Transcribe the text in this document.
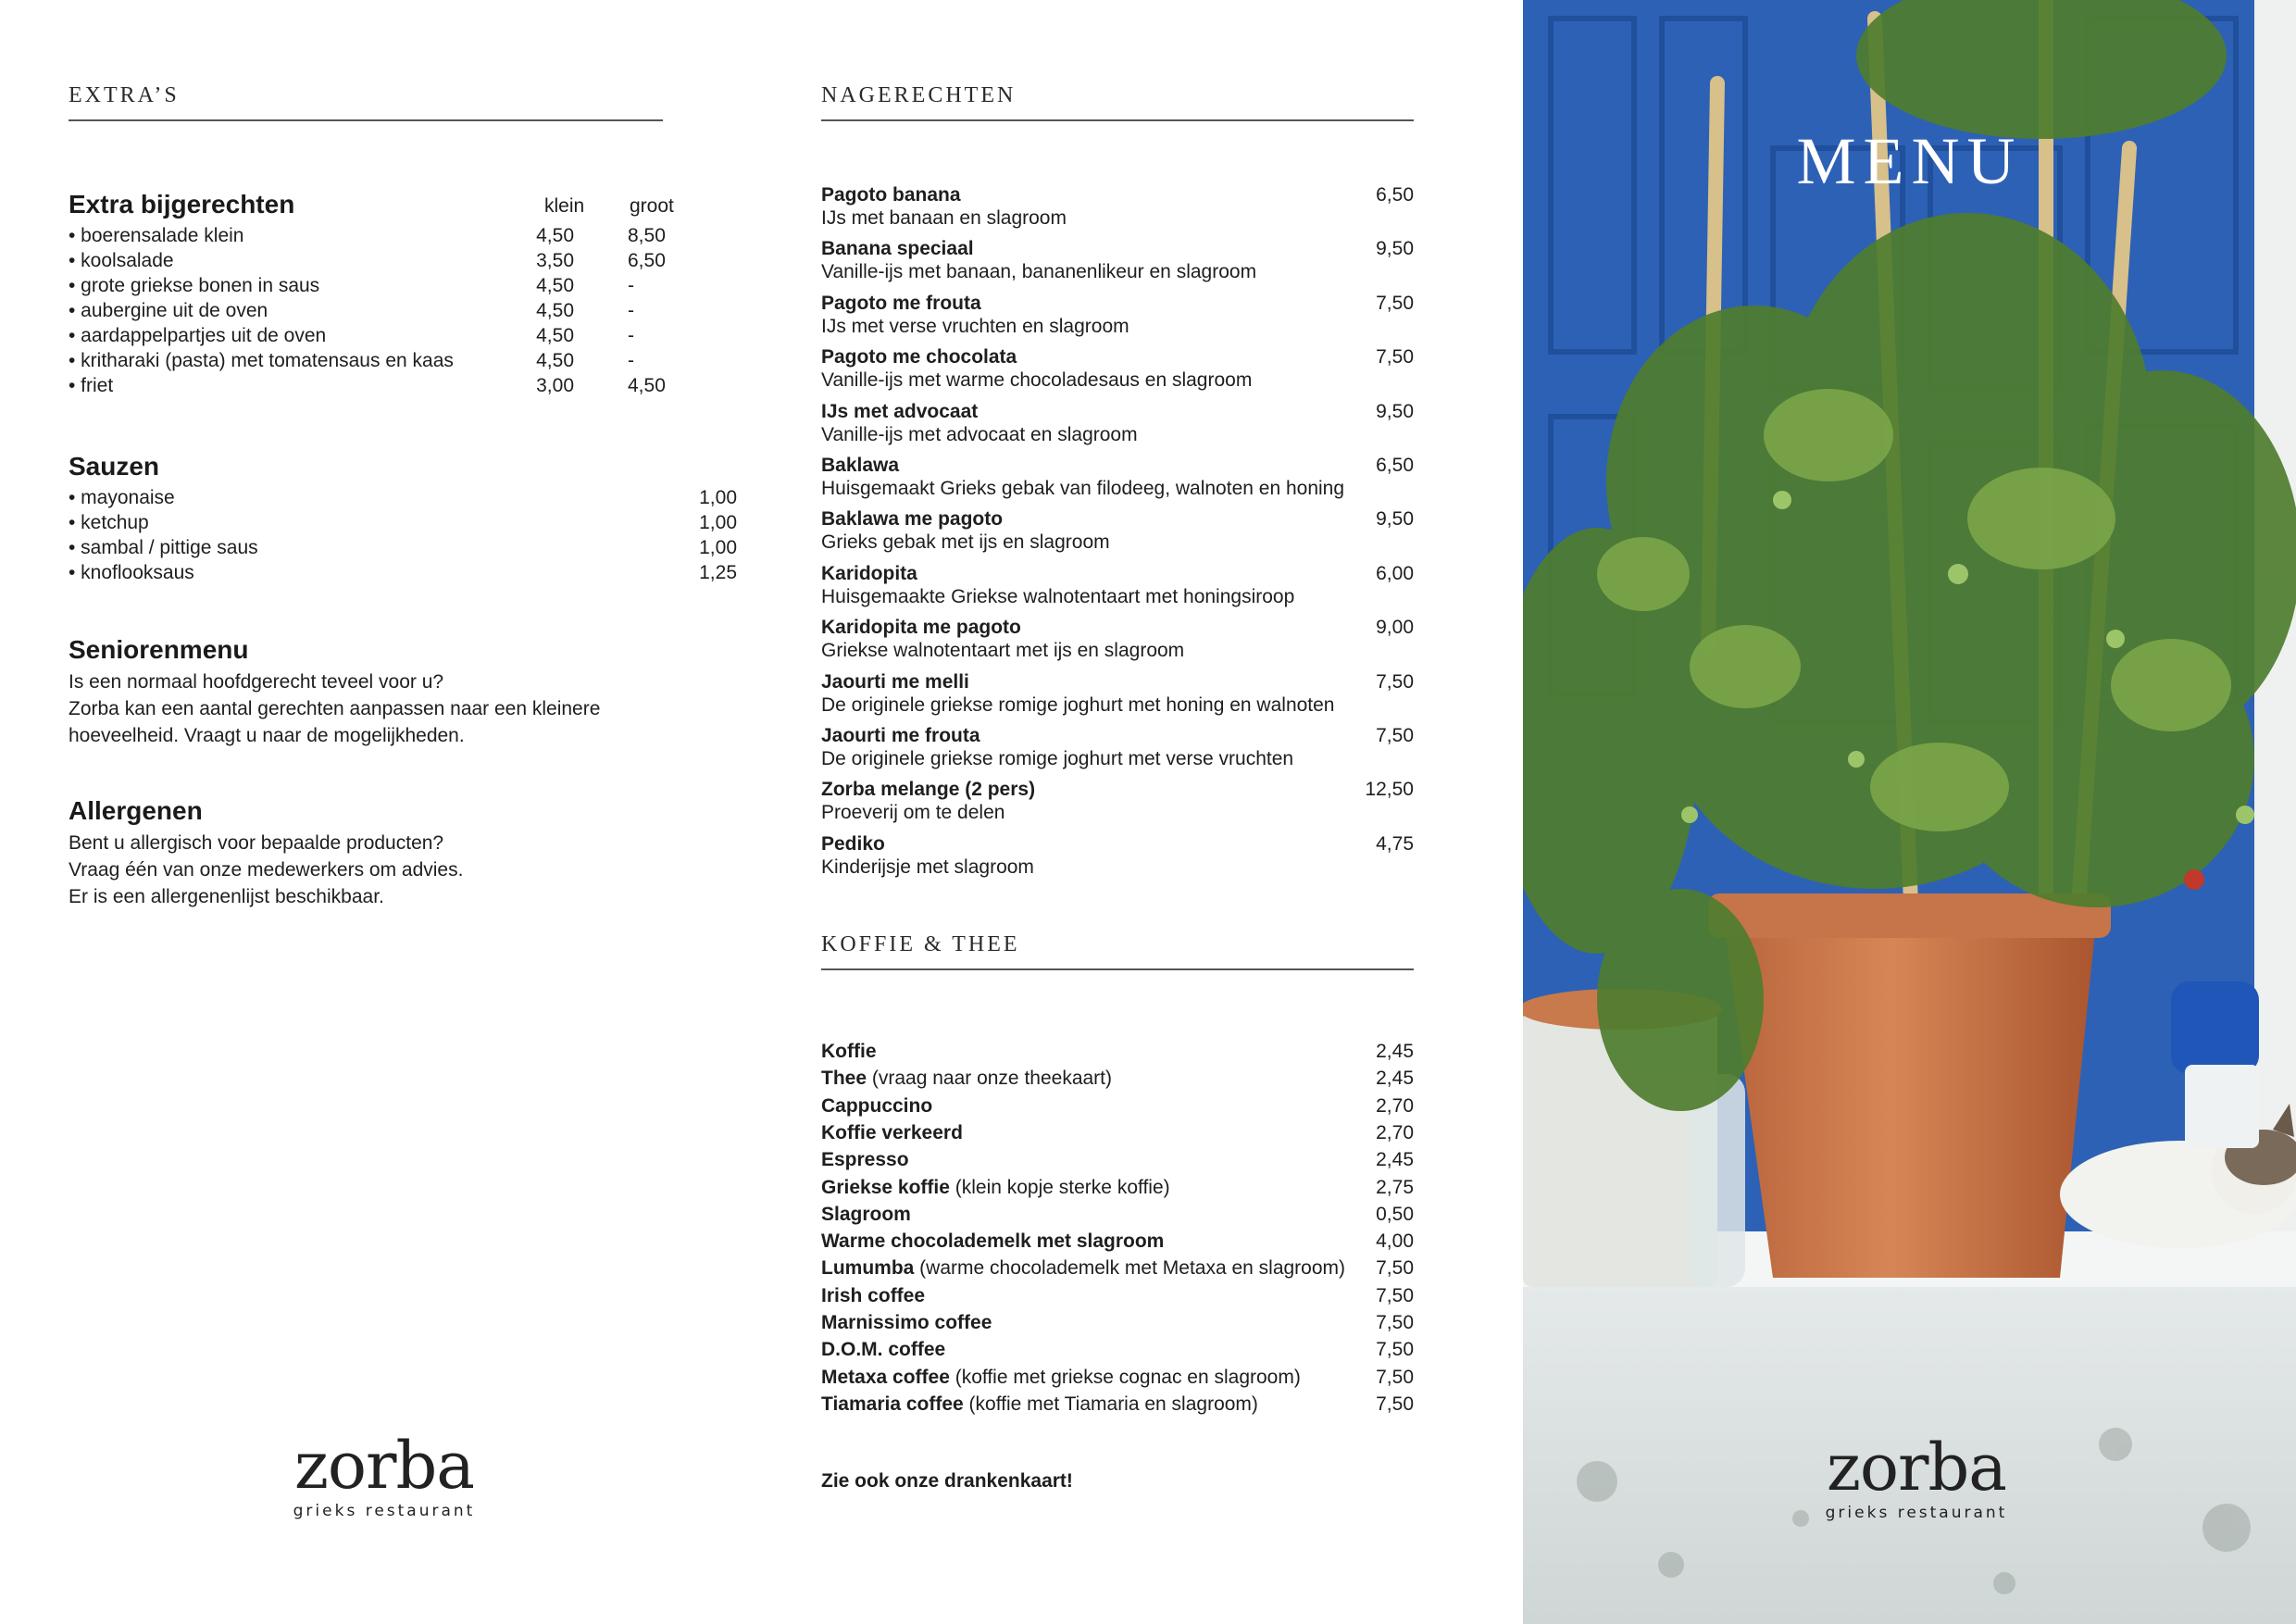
EXTRA’S
Extra bijgerechten	klein groot
• boerensalade klein	4,50	8,50
• koolsalade	3,50	6,50
• grote griekse bonen in saus	4,50	-
• aubergine uit de oven	4,50	-
• aardappelpartjes uit de oven	4,50	-
• kritharaki (pasta) met tomatensaus en kaas	4,50	-
• friet	3,00	4,50
Sauzen
• mayonaise	1,00
• ketchup	1,00
• sambal / pittige saus	1,00
• knoflooksaus	1,25
Seniorenmenu
Is een normaal hoofdgerecht teveel voor u?
Zorba kan een aantal gerechten aanpassen naar een kleinere
hoeveelheid. Vraagt u naar de mogelijkheden.
Allergenen
Bent u allergisch voor bepaalde producten?
Vraag één van onze medewerkers om advies.
Er is een allergenenlijst beschikbaar.
zorba
grieks restaurant
NAGERECHTEN
Pagoto banana
IJs met banaan en slagroom
6,50
Banana speciaal
Vanille-ijs met banaan, bananenlikeur en slagroom
9,50
Pagoto me frouta
IJs met verse vruchten en slagroom
7,50
Pagoto me chocolata
Vanille-ijs met warme chocoladesaus en slagroom
7,50
IJs met advocaat
Vanille-ijs met advocaat en slagroom
9,50
Baklawa
Huisgemaakt Grieks gebak van filodeeg, walnoten en honing
6,50
Baklawa me pagoto
Grieks gebak met ijs en slagroom
9,50
Karidopita
Huisgemaakte Griekse walnotentaart met honingsiroop
6,00
Karidopita me pagoto
Griekse walnotentaart met ijs en slagroom
9,00
Jaourti me melli
De originele griekse romige joghurt met honing en walnoten
7,50
Jaourti me frouta
De originele griekse romige joghurt met verse vruchten
7,50
Zorba melange (2 pers)
Proeverij om te delen
12,50
Pediko
Kinderijsje met slagroom
4,75
KOFFIE & THEE
Koffie	2,45
Thee (vraag naar onze theekaart)	2,45
Cappuccino	2,70
Koffie verkeerd	2,70
Espresso	2,45
Griekse koffie (klein kopje sterke koffie)	2,75
Slagroom	0,50
Warme chocolademelk met slagroom	4,00
Lumumba (warme chocolademelk met Metaxa en slagroom) 7,50
Irish coffee	7,50
Marnissimo coffee	7,50
D.O.M. coffee	7,50
Metaxa coffee (koffie met griekse cognac en slagroom)	7,50
Tiamaria coffee (koffie met Tiamaria en slagroom)	7,50
Zie ook onze drankenkaart!
MENU
zorba
grieks restaurant
